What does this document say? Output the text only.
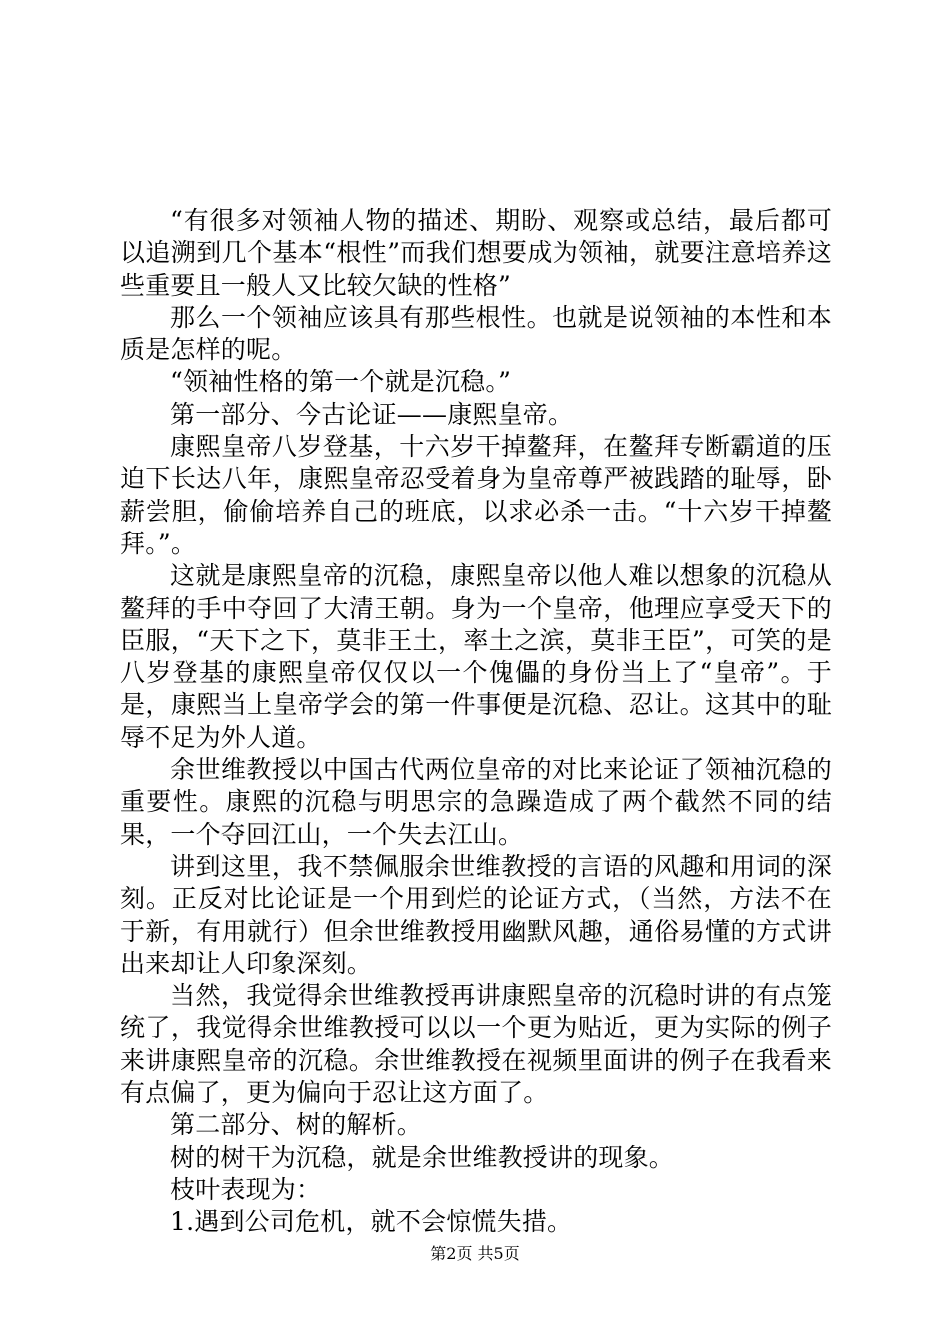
“有很多对领袖人物的描述、期盼、观察或总结，最后都可以追溯到几个基本“根性”而我们想要成为领袖，就要注意培养这些重要且一般人又比较欠缺的性格”

那么一个领袖应该具有那些根性。也就是说领袖的本性和本质是怎样的呢。

“领袖性格的第一个就是沉稳。”

第一部分、今古论证——康熙皇帝。

康熙皇帝八岁登基，十六岁干掉鳌拜，在鳌拜专断霸道的压迫下长达八年，康熙皇帝忍受着身为皇帝尊严被践踏的耻辱，卧薪尝胆，偷偷培养自己的班底，以求必杀一击。“十六岁干掉鳌拜。”。

这就是康熙皇帝的沉稳，康熙皇帝以他人难以想象的沉稳从鳌拜的手中夺回了大清王朝。身为一个皇帝，他理应享受天下的臣服，“天下之下，莫非王土，率土之滨，莫非王臣”，可笑的是八岁登基的康熙皇帝仅仅以一个傀儡的身份当上了“皇帝”。于是，康熙当上皇帝学会的第一件事便是沉稳、忍让。这其中的耻辱不足为外人道。

余世维教授以中国古代两位皇帝的对比来论证了领袖沉稳的重要性。康熙的沉稳与明思宗的急躁造成了两个截然不同的结果，一个夺回江山，一个失去江山。

讲到这里，我不禁佩服余世维教授的言语的风趣和用词的深刻。正反对比论证是一个用到烂的论证方式，（当然，方法不在于新，有用就行）但余世维教授用幽默风趣，通俗易懂的方式讲出来却让人印象深刻。

当然，我觉得余世维教授再讲康熙皇帝的沉稳时讲的有点笼统了，我觉得余世维教授可以以一个更为贴近，更为实际的例子来讲康熙皇帝的沉稳。余世维教授在视频里面讲的例子在我看来有点偏了，更为偏向于忍让这方面了。

第二部分、树的解析。

树的树干为沉稳，就是余世维教授讲的现象。

枝叶表现为：

1.遇到公司危机，就不会惊慌失措。

第2页 共5页
